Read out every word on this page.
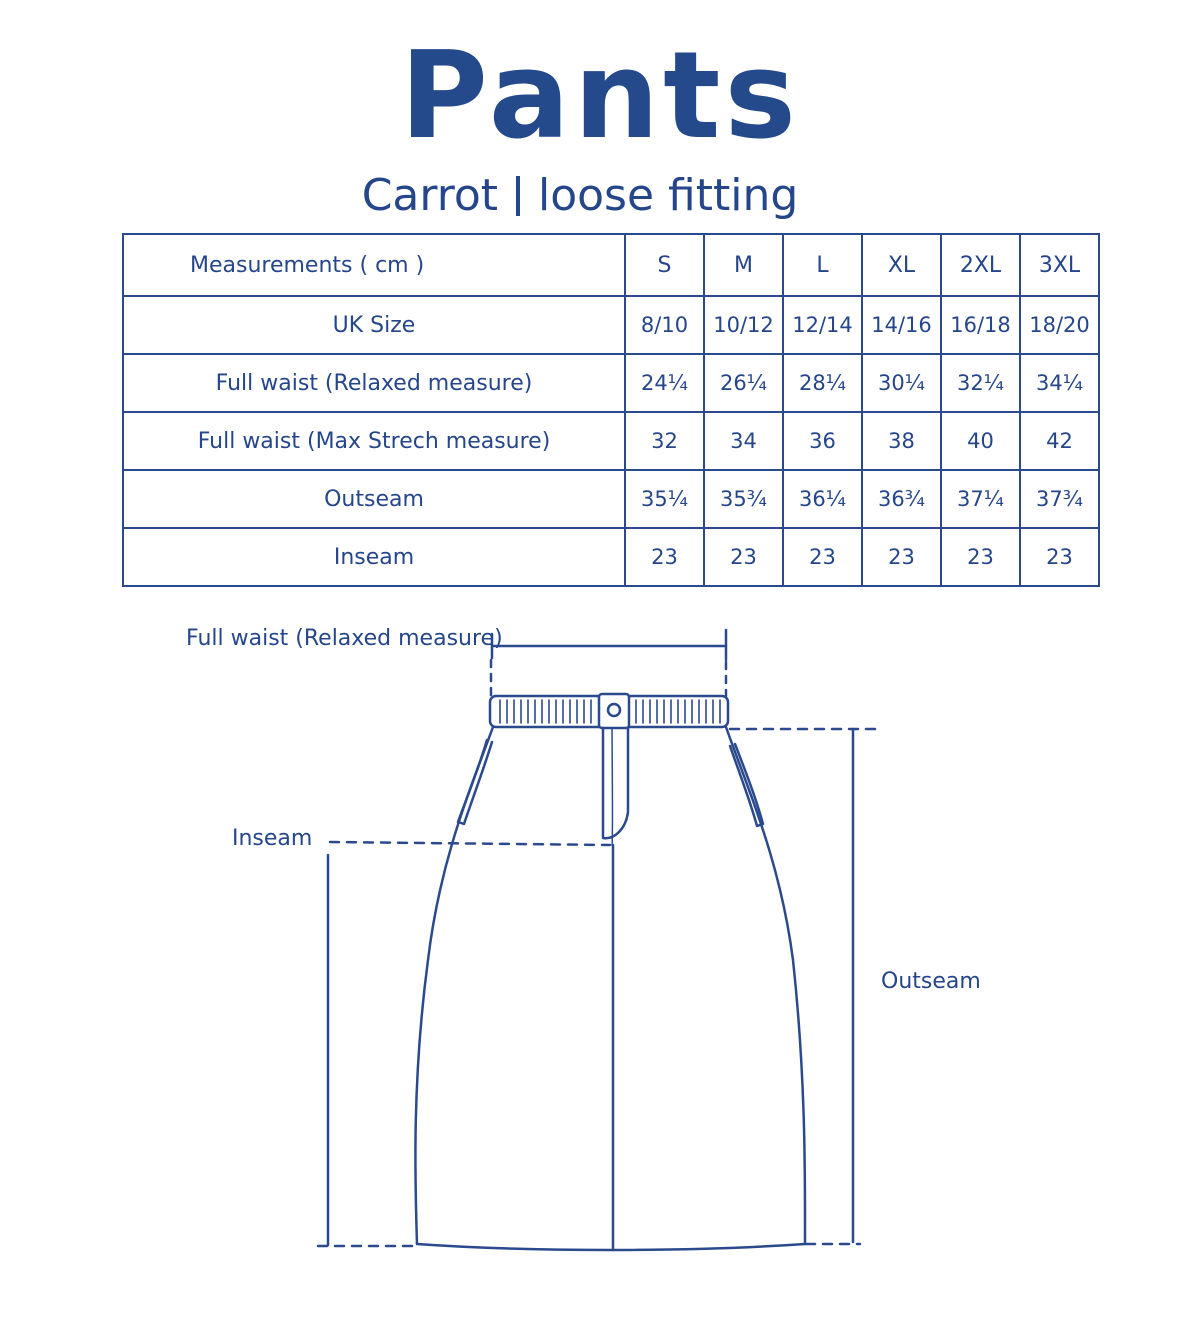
Pants
Carrot loose fitting
Measurements ( cm )	S	M	L	XL	2XL	3XL
UK Size	8/10	10/12	12/14	14/16	16/18	18/20
Full waist (Relaxed measure)	24¼	26¼	28¼	30¼	32¼	34¼
Full waist (Max Strech measure)	32	34	36	38	40	42
Outseam	35¼	35¾	36¼	36¾	37¼	37¾
Inseam	23	23	23	23	23	23
Full waist (Relaxed measure)
Inseam
Outseam
